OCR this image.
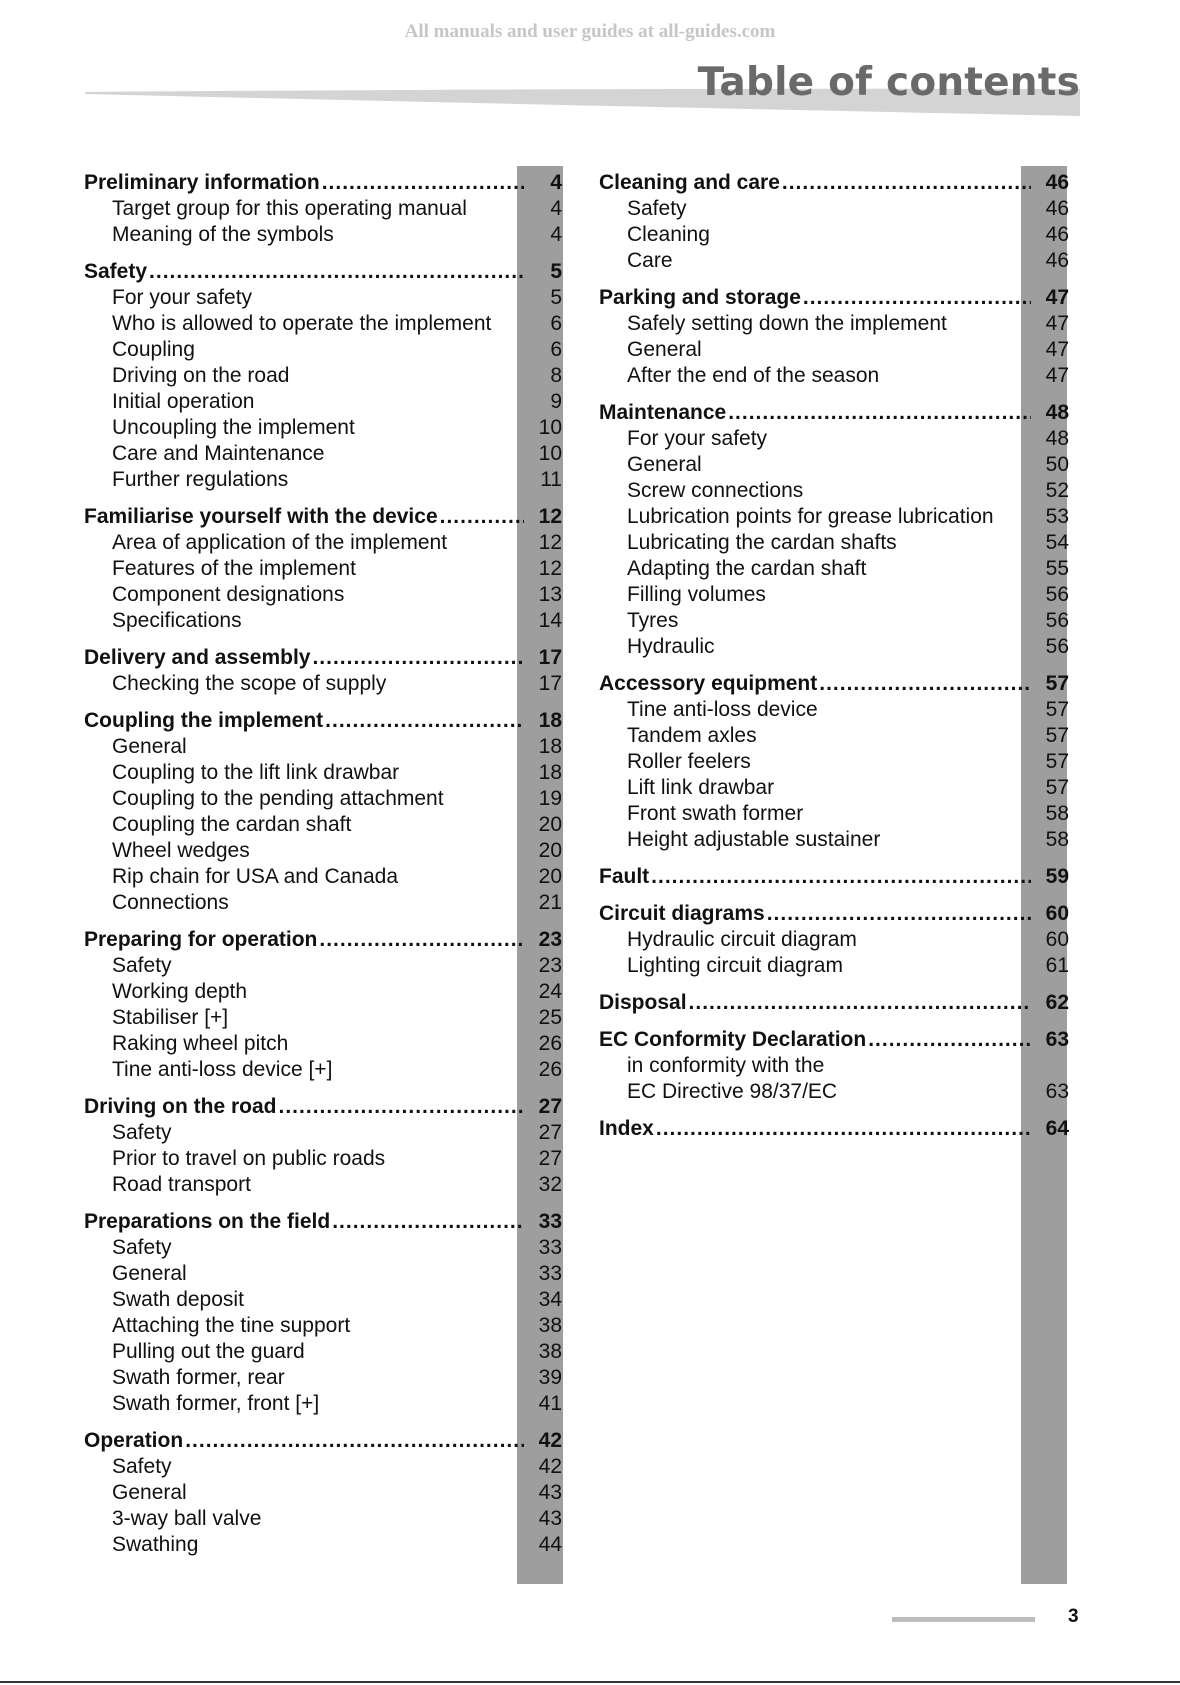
All manuals and user guides at all-guides.com
Table of contents
Preliminary information .....	4
Target group for this operating manual	4
Meaning of the symbols	4
Safety .....	5
For your safety	5
Who is allowed to operate the implement	6
Coupling	6
Driving on the road	8
Initial operation	9
Uncoupling the implement	10
Care and Maintenance	10
Further regulations	11
Familiarise yourself with the device .....	12
Area of application of the implement	12
Features of the implement	12
Component designations	13
Specifications	14
Delivery and assembly .....	17
Checking the scope of supply	17
Coupling the implement .....	18
General	18
Coupling to the lift link drawbar	18
Coupling to the pending attachment	19
Coupling the cardan shaft	20
Wheel wedges	20
Rip chain for USA and Canada	20
Connections	21
Preparing for operation .....	23
Safety	23
Working depth	24
Stabiliser [+]	25
Raking wheel pitch	26
Tine anti-loss device [+]	26
Driving on the road .....	27
Safety	27
Prior to travel on public roads	27
Road transport	32
Preparations on the field .....	33
Safety	33
General	33
Swath deposit	34
Attaching the tine support	38
Pulling out the guard	38
Swath former, rear	39
Swath former, front [+]	41
Operation .....	42
Safety	42
General	43
3-way ball valve	43
Swathing	44
Cleaning and care .....	46
Safety	46
Cleaning	46
Care	46
Parking and storage .....	47
Safely setting down the implement	47
General	47
After the end of the season	47
Maintenance .....	48
For your safety	48
General	50
Screw connections	52
Lubrication points for grease lubrication	53
Lubricating the cardan shafts	54
Adapting the cardan shaft	55
Filling volumes	56
Tyres	56
Hydraulic	56
Accessory equipment .....	57
Tine anti-loss device	57
Tandem axles	57
Roller feelers	57
Lift link drawbar	57
Front swath former	58
Height adjustable sustainer	58
Fault .....	59
Circuit diagrams .....	60
Hydraulic circuit diagram	60
Lighting circuit diagram	61
Disposal .....	62
EC Conformity Declaration .....	63
in conformity with the
EC Directive 98/37/EC	63
Index .....	64
3
